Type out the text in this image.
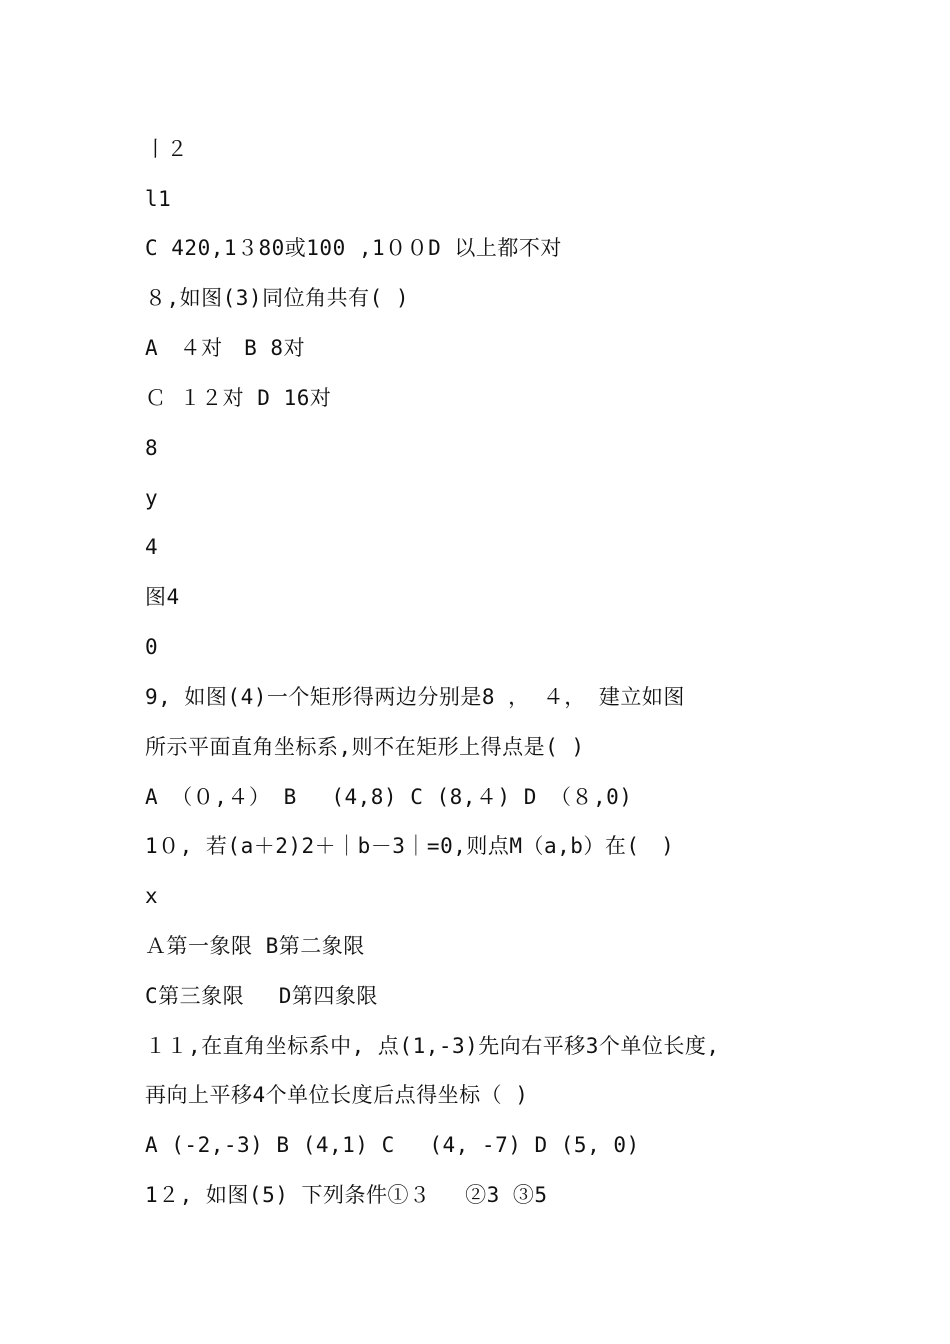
丨２
l1
C 420,1３80或100 ,1００D 以上都不对
８,如图(3)同位角共有( )
A　４对　B 8对
Ｃ １２对 D 16对
8
y
4
图4
0
9, 如图(4)一个矩形得两边分别是8 ， ４， 建立如图
所示平面直角坐标系,则不在矩形上得点是( )
A （０,４） B　 (4,8) C (8,４) D （８,0)
1０, 若(a＋2)2＋｜b－3｜=0,则点M（a,b）在(　)
x
Ａ第一象限 B第二象限
C第三象限　 D第四象限
１１,在直角坐标系中, 点(1,-3)先向右平移3个单位长度,
再向上平移4个单位长度后点得坐标（ )
A (-2,-3) B (4,1) C　 (4, -7) D (5, 0)
1２, 如图(5) 下列条件①３　 ②3 ③5
